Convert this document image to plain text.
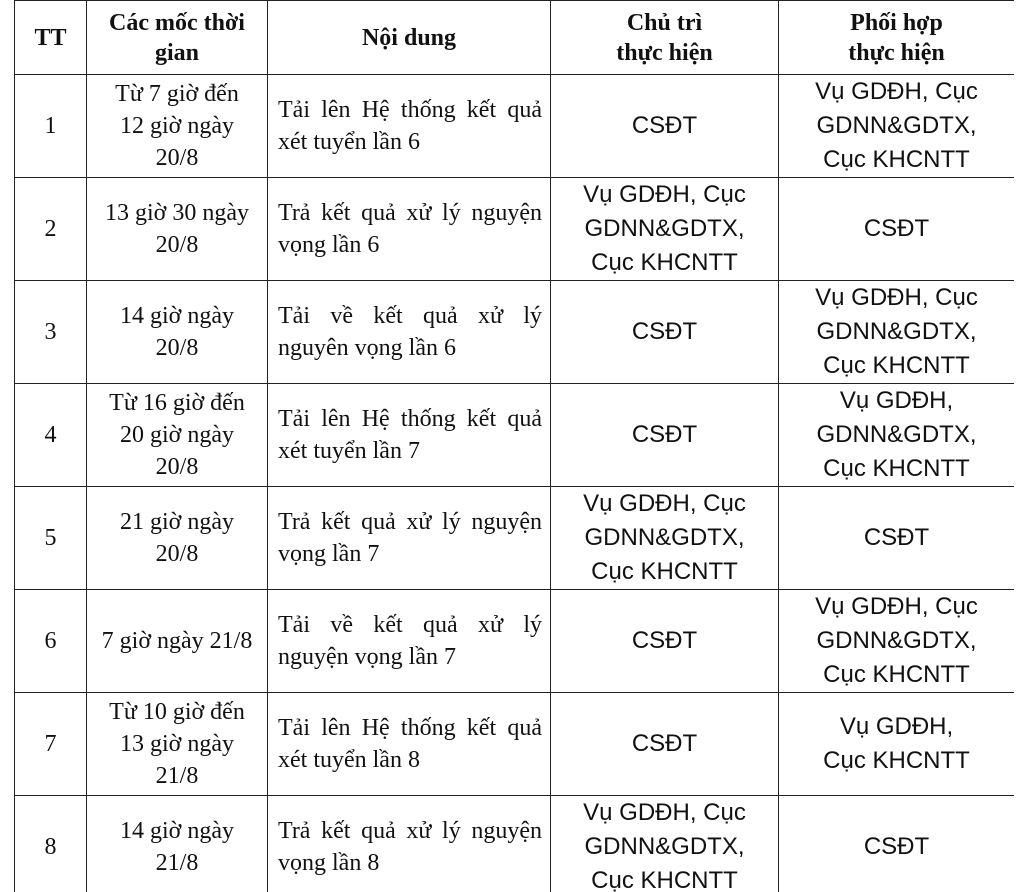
TT	Các mốc thời
gian	Nội dung	Chủ trì
thực hiện	Phối hợp
thực hiện

1	Từ 7 giờ đến
12 giờ ngày
20/8	Tải lên Hệ thống kết quả xét tuyển lần 6	CSĐT	Vụ GDĐH, Cục
GDNN&GDTX,
Cục KHCNTT

2	13 giờ 30 ngày
20/8	Trả kết quả xử lý nguyện vọng lần 6	Vụ GDĐH, Cục
GDNN&GDTX,
Cục KHCNTT	CSĐT

3	14 giờ ngày
20/8	Tải về kết quả xử lý nguyên vọng lần 6	CSĐT	Vụ GDĐH, Cục
GDNN&GDTX,
Cục KHCNTT

4	Từ 16 giờ đến
20 giờ ngày
20/8	Tải lên Hệ thống kết quả xét tuyển lần 7	CSĐT	Vụ GDĐH,
GDNN&GDTX,
Cục KHCNTT

5	21 giờ ngày
20/8	Trả kết quả xử lý nguyện vọng lần 7	Vụ GDĐH, Cục
GDNN&GDTX,
Cục KHCNTT	CSĐT

6	7 giờ ngày 21/8	Tải về kết quả xử lý nguyện vọng lần 7	CSĐT	Vụ GDĐH, Cục
GDNN&GDTX,
Cục KHCNTT

7	Từ 10 giờ đến
13 giờ ngày
21/8	Tải lên Hệ thống kết quả xét tuyển lần 8	CSĐT	Vụ GDĐH,
Cục KHCNTT

8	14 giờ ngày
21/8	Trả kết quả xử lý nguyện vọng lần 8	Vụ GDĐH, Cục
GDNN&GDTX,
Cục KHCNTT	CSĐT
